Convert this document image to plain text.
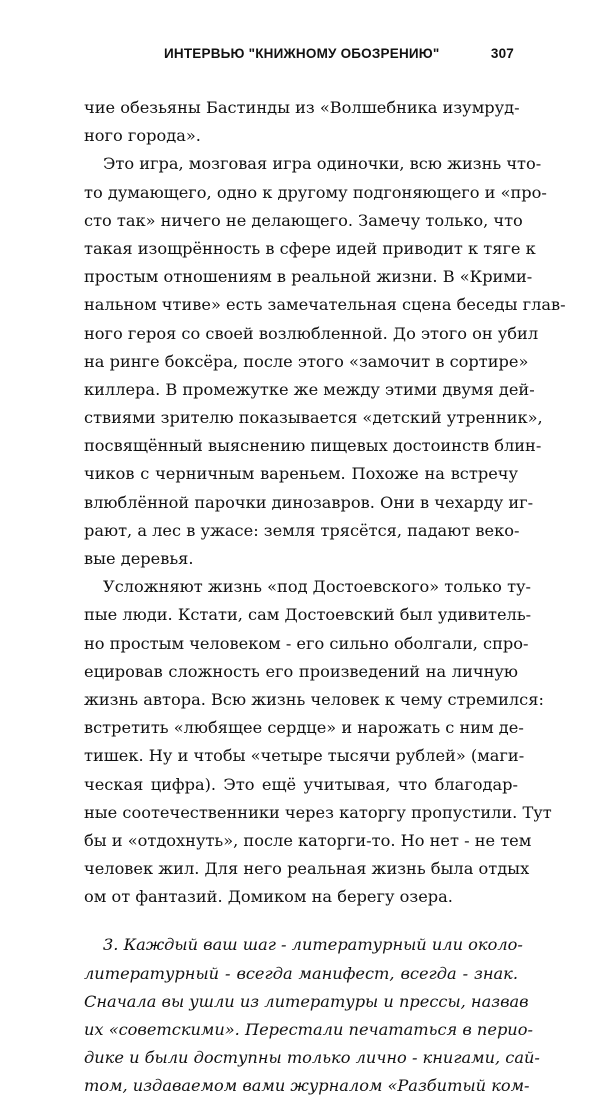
ИНТЕРВЬЮ "КНИЖНОМУ ОБОЗРЕНИЮ"	307
чие обезьяны Бастинды из «Волшебника изумруд-
ного города».
Это игра, мозговая игра одиночки, всю жизнь что-
то думающего, одно к другому подгоняющего и «про-
сто так» ничего не делающего. Замечу только, что
такая изощрённость в сфере идей приводит к тяге к
простым отношениям в реальной жизни. В «Крими-
нальном чтиве» есть замечательная сцена беседы глав-
ного героя со своей возлюбленной. До этого он убил
на ринге боксёра, после этого «замочит в сортире»
киллера. В промежутке же между этими двумя дей-
ствиями зрителю показывается «детский утренник»,
посвящённый выяснению пищевых достоинств блин-
чиков с черничным вареньем. Похоже на встречу
влюблённой парочки динозавров. Они в чехарду иг-
рают, а лес в ужасе: земля трясётся, падают веко-
вые деревья.
Усложняют жизнь «под Достоевского» только ту-
пые люди. Кстати, сам Достоевский был удивитель-
но простым человеком - его сильно оболгали, спро-
ецировав сложность его произведений на личную
жизнь автора. Всю жизнь человек к чему стремился:
встретить «любящее сердце» и нарожать с ним де-
тишек. Ну и чтобы «четыре тысячи рублей» (маги-
ческая цифра). Это ещё учитывая, что благодар-
ные соотечественники через каторгу пропустили. Тут
бы и «отдохнуть», после каторги-то. Но нет - не тем
человек жил. Для него реальная жизнь была отдых
ом от фантазий. Домиком на берегу озера.
3. Каждый ваш шаг - литературный или около-
литературный - всегда манифест, всегда - знак.
Сначала вы ушли из литературы и прессы, назвав
их «советскими». Перестали печататься в перио-
дике и были доступны только лично - книгами, сай-
том, издаваемом вами журналом «Разбитый ком-
